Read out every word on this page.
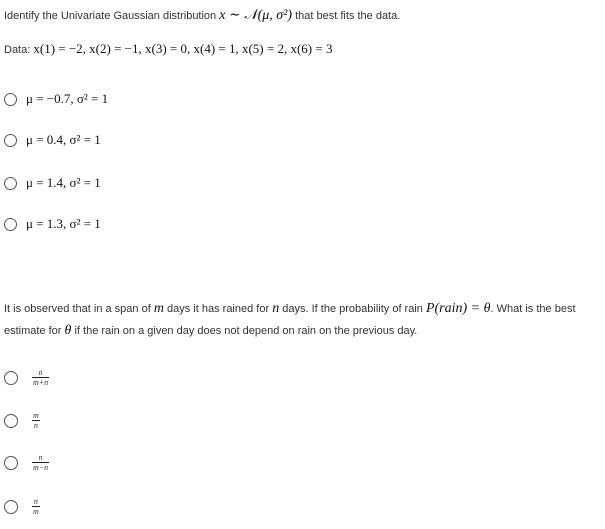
Identify the Univariate Gaussian distribution x ∼ 𝒩(μ, σ²) that best fits the data.
Data: x(1) = −2, x(2) = −1, x(3) = 0, x(4) = 1, x(5) = 2, x(6) = 3
μ = −0.7, σ² = 1
μ = 0.4, σ² = 1
μ = 1.4, σ² = 1
μ = 1.3, σ² = 1
It is observed that in a span of m days it has rained for n days. If the probability of rain P(rain) = θ. What is the best estimate for θ if the rain on a given day does not depend on rain on the previous day.
$\frac{n}{m+n}$
$\frac{m}{n}$
$\frac{n}{m-n}$
$\frac{n}{m}$
